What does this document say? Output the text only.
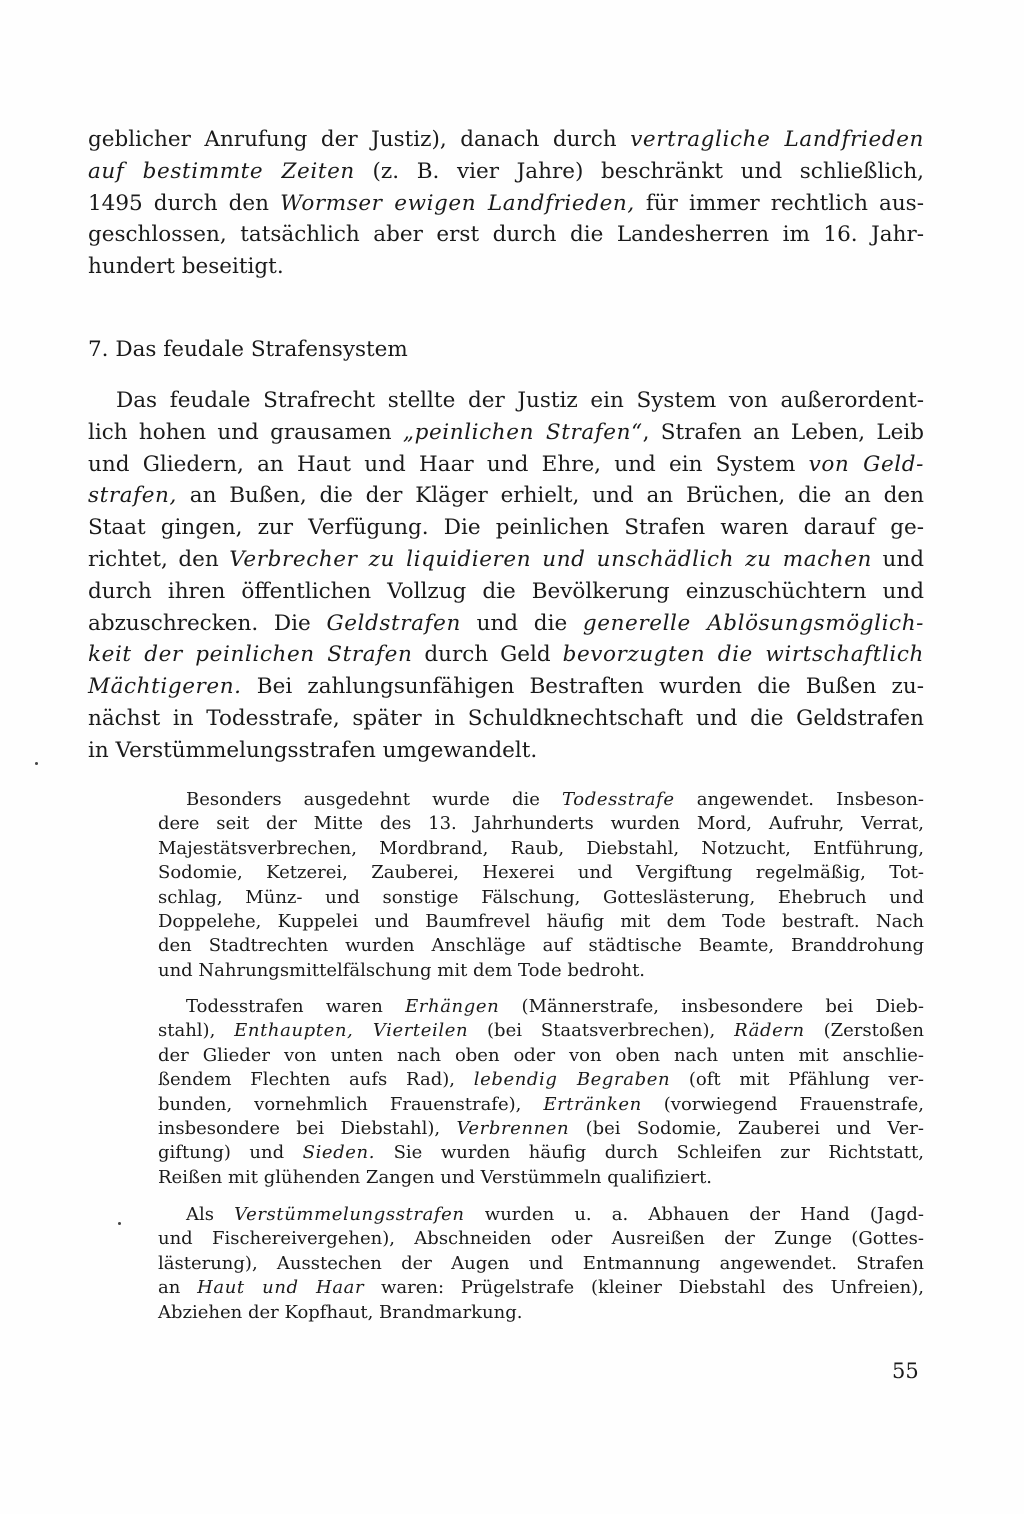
geblicher Anrufung der Justiz), danach durch vertragliche Landfrieden
auf bestimmte Zeiten (z. B. vier Jahre) beschränkt und schließlich,
1495 durch den Wormser ewigen Landfrieden, für immer rechtlich aus-
geschlossen, tatsächlich aber erst durch die Landesherren im 16. Jahr-
hundert beseitigt.
7. Das feudale Strafensystem
Das feudale Strafrecht stellte der Justiz ein System von außerordent-
lich hohen und grausamen „peinlichen Strafen“, Strafen an Leben, Leib
und Gliedern, an Haut und Haar und Ehre, und ein System von Geld-
strafen, an Bußen, die der Kläger erhielt, und an Brüchen, die an den
Staat gingen, zur Verfügung. Die peinlichen Strafen waren darauf ge-
richtet, den Verbrecher zu liquidieren und unschädlich zu machen und
durch ihren öffentlichen Vollzug die Bevölkerung einzuschüchtern und
abzuschrecken. Die Geldstrafen und die generelle Ablösungsmöglich-
keit der peinlichen Strafen durch Geld bevorzugten die wirtschaftlich
Mächtigeren. Bei zahlungsunfähigen Bestraften wurden die Bußen zu-
nächst in Todesstrafe, später in Schuldknechtschaft und die Geldstrafen
in Verstümmelungsstrafen umgewandelt.
Besonders ausgedehnt wurde die Todesstrafe angewendet. Insbeson-
dere seit der Mitte des 13. Jahrhunderts wurden Mord, Aufruhr, Verrat,
Majestätsverbrechen, Mordbrand, Raub, Diebstahl, Notzucht, Entführung,
Sodomie, Ketzerei, Zauberei, Hexerei und Vergiftung regelmäßig, Tot-
schlag, Münz- und sonstige Fälschung, Gotteslästerung, Ehebruch und
Doppelehe, Kuppelei und Baumfrevel häufig mit dem Tode bestraft. Nach
den Stadtrechten wurden Anschläge auf städtische Beamte, Branddrohung
und Nahrungsmittelfälschung mit dem Tode bedroht.
Todesstrafen waren Erhängen (Männerstrafe, insbesondere bei Dieb-
stahl), Enthaupten, Vierteilen (bei Staatsverbrechen), Rädern (Zerstoßen
der Glieder von unten nach oben oder von oben nach unten mit anschlie-
ßendem Flechten aufs Rad), lebendig Begraben (oft mit Pfählung ver-
bunden, vornehmlich Frauenstrafe), Ertränken (vorwiegend Frauenstrafe,
insbesondere bei Diebstahl), Verbrennen (bei Sodomie, Zauberei und Ver-
giftung) und Sieden. Sie wurden häufig durch Schleifen zur Richtstatt,
Reißen mit glühenden Zangen und Verstümmeln qualifiziert.
Als Verstümmelungsstrafen wurden u. a. Abhauen der Hand (Jagd-
und Fischereivergehen), Abschneiden oder Ausreißen der Zunge (Gottes-
lästerung), Ausstechen der Augen und Entmannung angewendet. Strafen
an Haut und Haar waren: Prügelstrafe (kleiner Diebstahl des Unfreien),
Abziehen der Kopfhaut, Brandmarkung.
55
